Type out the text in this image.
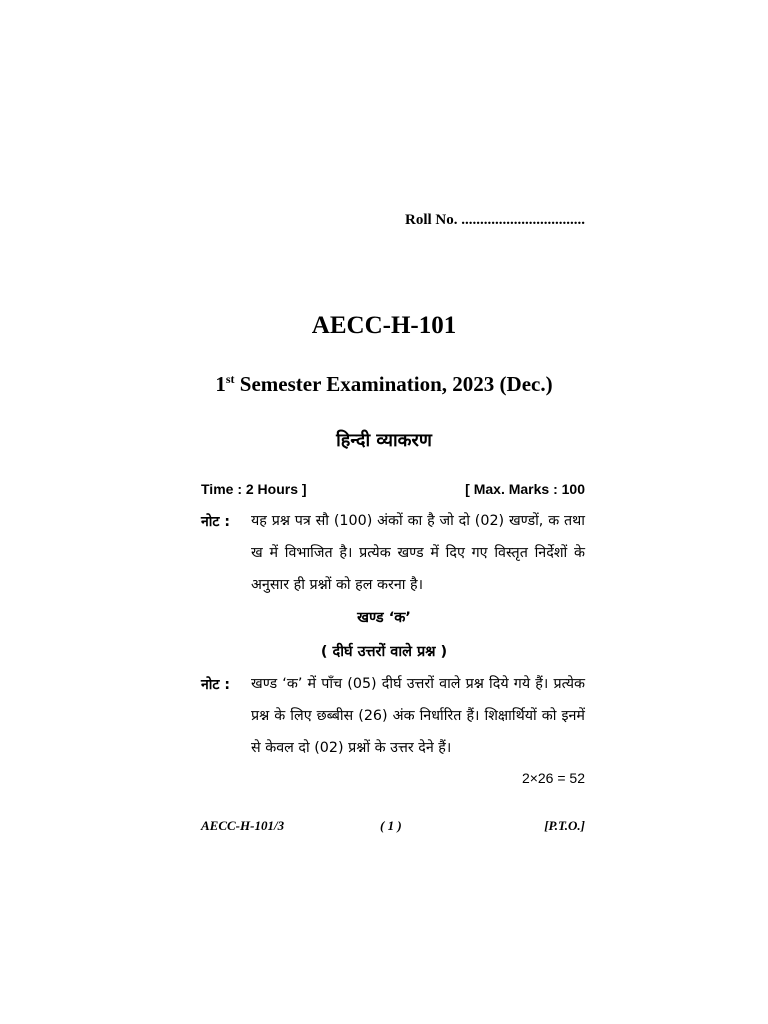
Roll No. .................................
AECC-H-101
1st Semester Examination, 2023 (Dec.)
हिन्दी व्याकरण
Time : 2 Hours ]	[ Max. Marks : 100
नोट : यह प्रश्न पत्र सौ (100) अंकों का है जो दो (02) खण्डों, क तथा ख में विभाजित है। प्रत्येक खण्ड में दिए गए विस्तृत निर्देशों के अनुसार ही प्रश्नों को हल करना है।
खण्ड ‘क’
( दीर्घ उत्तरों वाले प्रश्न )
नोट : खण्ड ‘क’ में पाँच (05) दीर्घ उत्तरों वाले प्रश्न दिये गये हैं। प्रत्येक प्रश्न के लिए छब्बीस (26) अंक निर्धारित हैं। शिक्षार्थियों को इनमें से केवल दो (02) प्रश्नों के उत्तर देने हैं।
2×26 = 52
AECC-H-101/3	( 1 )	[P.T.O.]
